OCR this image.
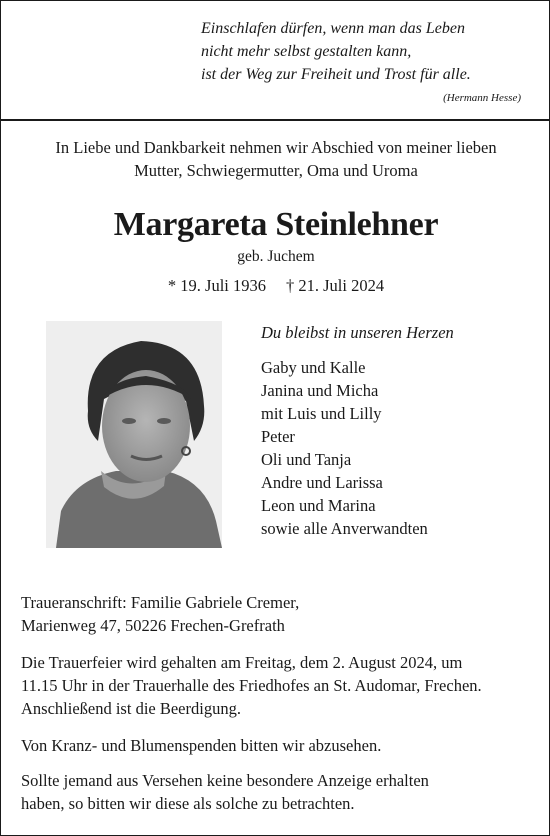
Einschlafen dürfen, wenn man das Leben
nicht mehr selbst gestalten kann,
ist der Weg zur Freiheit und Trost für alle.
(Hermann Hesse)
In Liebe und Dankbarkeit nehmen wir Abschied von meiner lieben
Mutter, Schwiegermutter, Oma und Uroma
Margareta Steinlehner
geb. Juchem
* 19. Juli 1936 † 21. Juli 2024
Du bleibst in unseren Herzen
Gaby und Kalle
Janina und Micha
mit Luis und Lilly
Peter
Oli und Tanja
Andre und Larissa
Leon und Marina
sowie alle Anverwandten
Traueranschrift: Familie Gabriele Cremer,
Marienweg 47, 50226 Frechen-Grefrath
Die Trauerfeier wird gehalten am Freitag, dem 2. August 2024, um
11.15 Uhr in der Trauerhalle des Friedhofes an St. Audomar, Frechen.
Anschließend ist die Beerdigung.
Von Kranz- und Blumenspenden bitten wir abzusehen.
Sollte jemand aus Versehen keine besondere Anzeige erhalten
haben, so bitten wir diese als solche zu betrachten.
